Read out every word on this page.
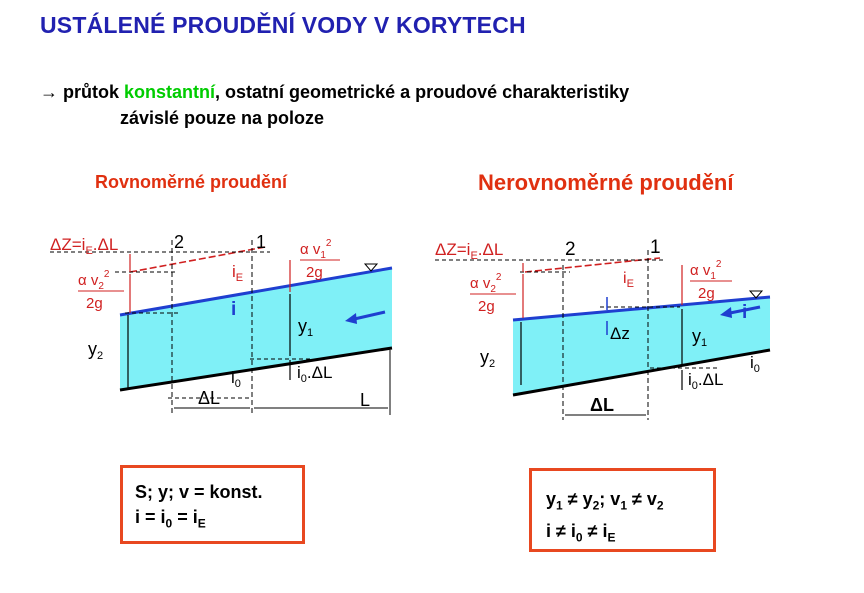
USTÁLENÉ PROUDĚNÍ VODY V KORYTECH
→ průtok konstantní, ostatní geometrické a proudové charakteristiky
závislé pouze na poloze
Rovnoměrné proudění	Nerovnoměrné proudění
$\Delta Z=i_E.\Delta L$	2	1
α $v_2^2$
2g
α $v_1^2$
2g
$i_E$
i
$y_1$
$y_2$
$i_0$
$i_0.\Delta L$
ΔL	L
$\Delta Z=i_E.\Delta L$	2	1
α $v_2^2$
2g
α $v_1^2$
2g
$i_E$
i
Δz	$y_1$
$y_2$	$i_0$
$i_0.\Delta L$
ΔL
S; y; v = konst.
$i = i_0 = i_E$
$y_1 \ne y_2$; $v_1 \ne v_2$
$i \ne i_0 \ne i_E$
